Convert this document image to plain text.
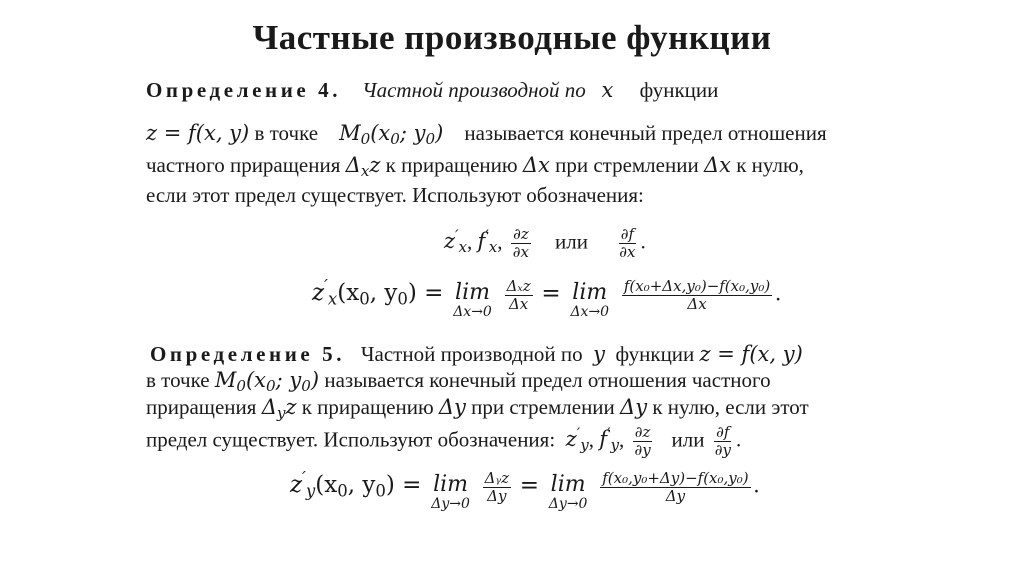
Частные производные функции
Определение 4. Частной производной по x функции
z = f(x, y) в точке $M_0(x_0$; $y_0$) называется конечный предел отношения
частного приращения $\Delta_xz$ к приращению Δx при стремлении Δx к нулю,
если этот предел существует. Используют обозначения:
$z'_x$, $f'_x$, $\frac{\partial z}{\partial x}$ или $\frac{\partial f}{\partial x}$ .
$z'_x(x_0$, $y_0) = \lim$
Δx→0
$\frac{\text{Δₓz}}{\Delta x} = \lim$
Δx→0
$\frac{\text{f(x₀+Δx,y₀)−f(x₀,y₀)}}{\Delta x}$ .
Определение 5. Частной производной по y функции z = f(x, y)
в точке $M_0(x_0$; $y_0$) называется конечный предел отношения частного
приращения $\Delta_yz$ к приращению Δy при стремлении Δy к нулю, если этот
предел существует. Используют обозначения: $z'_y$, $f'_y$, $\frac{\partial z}{\partial y}$ или $\frac{\partial f}{\partial y}$ .
$z'_y(x_0$, $y_0) = \lim$
Δy→0
$\frac{\text{Δᵧz}}{\Delta y} = \lim$
Δy→0
$\frac{\text{f(x₀,y₀+Δy)−f(x₀,y₀)}}{\Delta y}$ .
